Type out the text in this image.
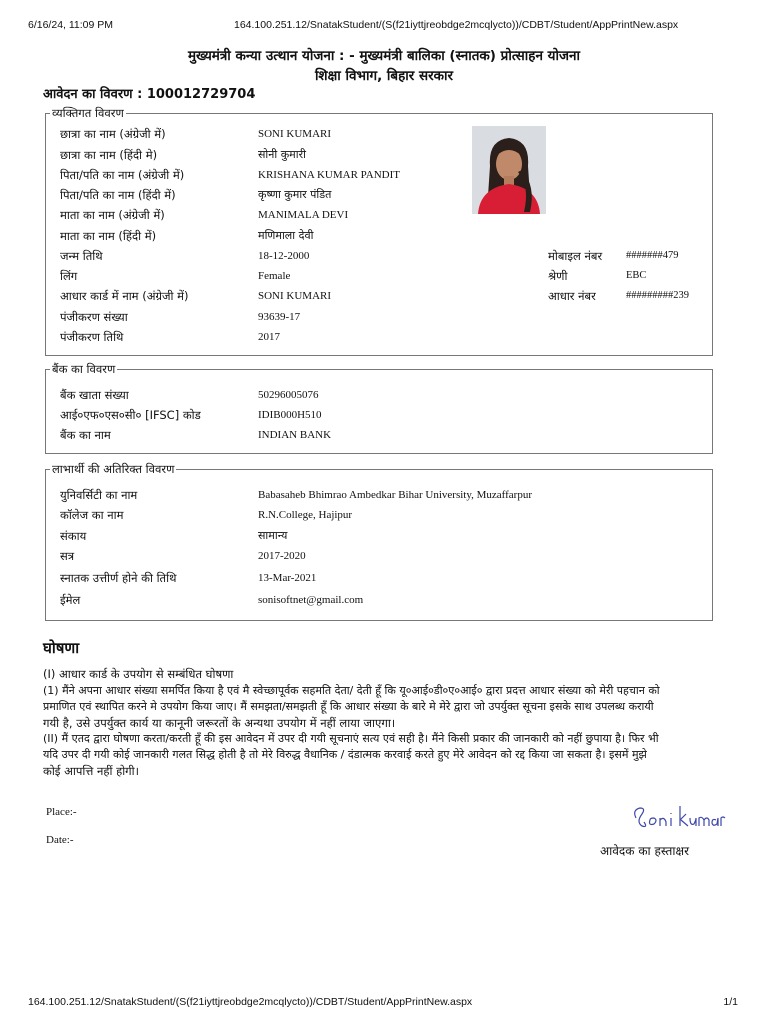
6/16/24, 11:09 PM	164.100.251.12/SnatakStudent/(S(f21iyttjreobdge2mcqlycto))/CDBT/Student/AppPrintNew.aspx
164.100.251.12/SnatakStudent/(S(f21iyttjreobdge2mcqlycto))/CDBT/Student/AppPrintNew.aspx	1/1
मुख्यमंत्री कन्या उत्थान योजना : - मुख्यमंत्री बालिका (स्नातक) प्रोत्साहन योजना
शिक्षा विभाग, बिहार सरकार
आवेदन का विवरण : 100012729704
व्यक्तिगत विवरण
छात्रा का नाम (अंग्रेजी में)	SONI KUMARI
छात्रा का नाम (हिंदी मे)	सोनी कुमारी
पिता/पति का नाम (अंग्रेजी में)	KRISHANA KUMAR PANDIT
पिता/पति का नाम (हिंदी में)	कृष्णा कुमार पंडित
माता का नाम (अंग्रेजी में)	MANIMALA DEVI
माता का नाम (हिंदी में)	मणिमाला देवी
जन्म तिथि	18-12-2000
लिंग	Female
आधार कार्ड में नाम (अंग्रेजी में)	SONI KUMARI
पंजीकरण संख्या	93639-17
पंजीकरण तिथि	2017
मोबाइल नंबर #######479
श्रेणी	EBC
आधार नंबर	#########239
बैंक का विवरण
बैंक खाता संख्या	50296005076
आई०एफ०एस०सी० [IFSC] कोड	IDIB000H510
बैंक का नाम	INDIAN BANK
लाभार्थी की अतिरिक्त विवरण
युनिवर्सिटी का नाम	Babasaheb Bhimrao Ambedkar Bihar University, Muzaffarpur
कॉलेज का नाम	R.N.College, Hajipur
संकाय	सामान्य
सत्र	2017-2020
स्नातक उत्तीर्ण होने की तिथि	13-Mar-2021
ईमेल	sonisoftnet@gmail.com
घोषणा
(I) आधार कार्ड के उपयोग से सम्बंधित घोषणा
(1) मैंने अपना आधार संख्या समर्पित किया है एवं मै स्वेच्छापूर्वक सहमति देता/ देती हूँ कि यू०आई०डी०ए०आई० द्वारा प्रदत्त आधार संख्या को मेरी पहचान को
प्रमाणित एवं स्थापित करने मे उपयोग किया जाए। मैं समझता/समझती हूँ कि आधार संख्या के बारे मे मेरे द्वारा जो उपर्युक्त सूचना इसके साथ उपलब्ध करायी
गयी है, उसे उपर्युक्त कार्य या कानूनी जरूरतों के अन्यथा उपयोग में नहीं लाया जाएगा।
(II) मैं एतद द्वारा घोषणा करता/करती हूँ की इस आवेदन में उपर दी गयी सूचनाएं सत्य एवं सही है। मैंने किसी प्रकार की जानकारी को नहीं छुपाया है। फिर भी
यदि उपर दी गयी कोई जानकारी गलत सिद्ध होती है तो मेरे विरुद्ध वैधानिक / दंडात्मक करवाई करते हुए मेरे आवेदन को रद्द किया जा सकता है। इसमें मुझे
कोई आपत्ति नहीं होगी।
Place:-
Date:-
आवेदक का हस्ताक्षर
